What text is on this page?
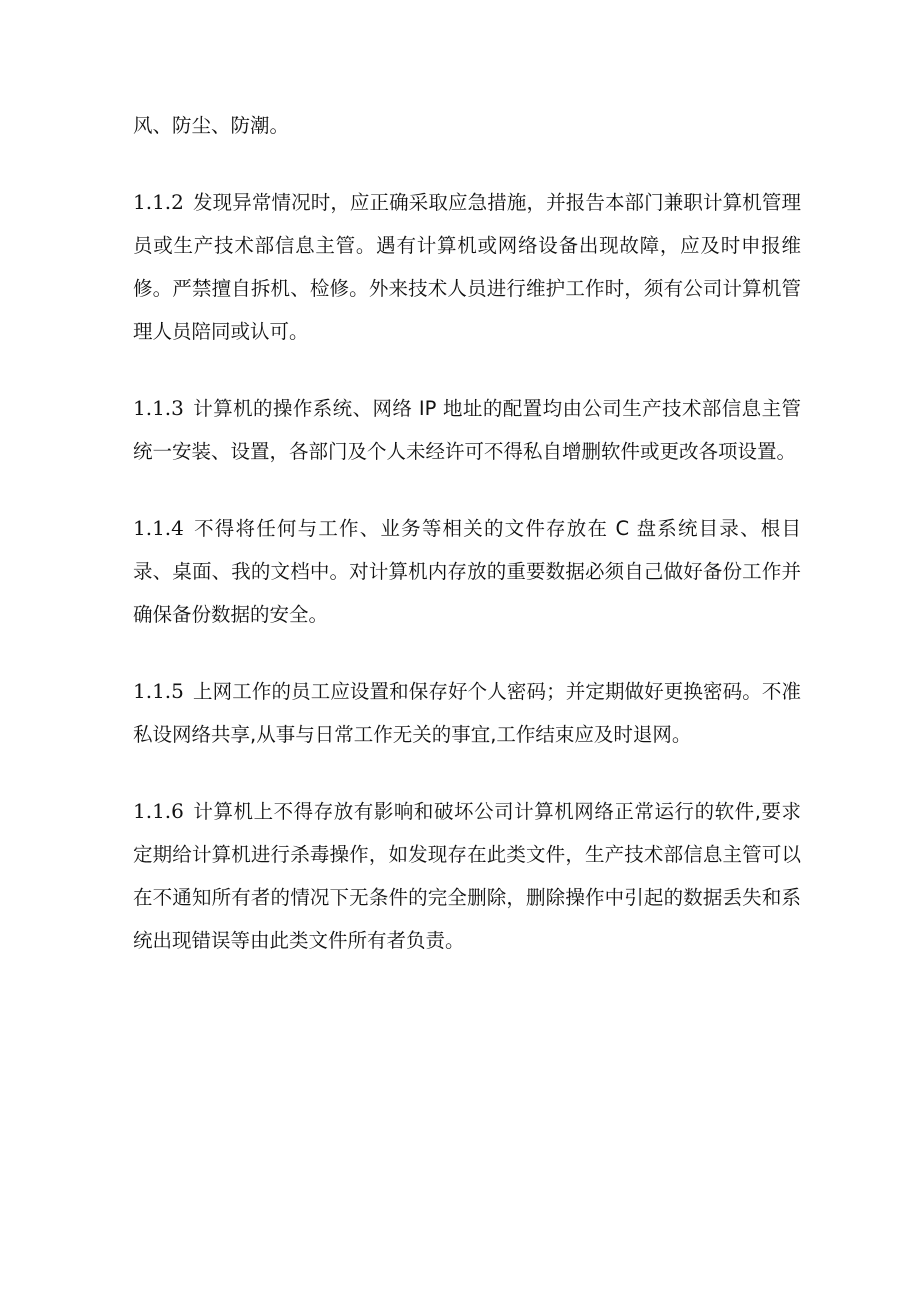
风、防尘、防潮。

1.1.2 发现异常情况时，应正确采取应急措施，并报告本部门兼职计算机管理员或生产技术部信息主管。遇有计算机或网络设备出现故障，应及时申报维修。严禁擅自拆机、检修。外来技术人员进行维护工作时，须有公司计算机管理人员陪同或认可。

1.1.3 计算机的操作系统、网络 IP 地址的配置均由公司生产技术部信息主管统一安装、设置，各部门及个人未经许可不得私自增删软件或更改各项设置。

1.1.4 不得将任何与工作、业务等相关的文件存放在 C 盘系统目录、根目录、桌面、我的文档中。对计算机内存放的重要数据必须自己做好备份工作并确保备份数据的安全。

1.1.5 上网工作的员工应设置和保存好个人密码；并定期做好更换密码。不准私设网络共享,从事与日常工作无关的事宜,工作结束应及时退网。

1.1.6 计算机上不得存放有影响和破坏公司计算机网络正常运行的软件,要求定期给计算机进行杀毒操作，如发现存在此类文件，生产技术部信息主管可以在不通知所有者的情况下无条件的完全删除，删除操作中引起的数据丢失和系统出现错误等由此类文件所有者负责。
